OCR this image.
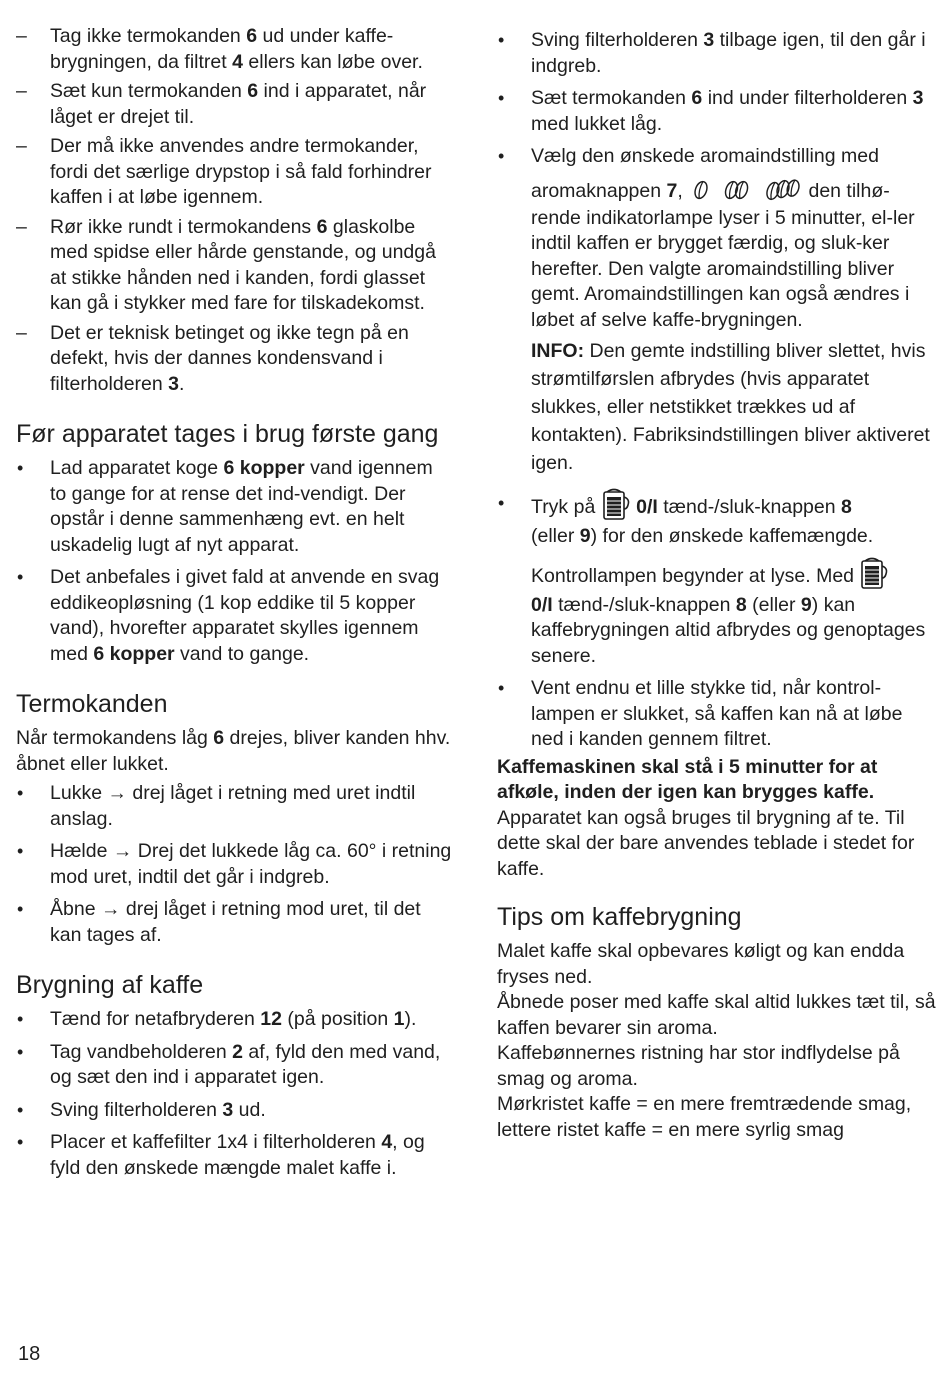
– Tag ikke termokanden 6 ud under kaffe-brygningen, da filtret 4 ellers kan løbe over.
– Sæt kun termokanden 6 ind i apparatet, når låget er drejet til.
– Der må ikke anvendes andre termokander, fordi det særlige drypstop i så fald forhindrer kaffen i at løbe igennem.
– Rør ikke rundt i termokandens 6 glaskolbe med spidse eller hårde genstande, og undgå at stikke hånden ned i kanden, fordi glasset kan gå i stykker med fare for tilskadekomst.
– Det er teknisk betinget og ikke tegn på en defekt, hvis der dannes kondensvand i filterholderen 3.
Før apparatet tages i brug første gang
• Lad apparatet koge 6 kopper vand igennem to gange for at rense det ind-vendigt. Der opstår i denne sammenhæng evt. en helt uskadelig lugt af nyt apparat.
• Det anbefales i givet fald at anvende en svag eddikeopløsning (1 kop eddike til 5 kopper vand), hvorefter apparatet skylles igennem med 6 kopper vand to gange.
Termokanden

Når termokandens låg 6 drejes, bliver kanden hhv. åbnet eller lukket.

• Lukke → drej låget i retning med uret indtil anslag.
• Hælde → Drej det lukkede låg ca. 60° i retning mod uret, indtil det går i indgreb.
• Åbne → drej låget i retning mod uret, til det kan tages af.
Brygning af kaffe
• Tænd for netafbryderen 12 (på position 1).
• Tag vandbeholderen 2 af, fyld den med vand, og sæt den ind i apparatet igen.
• Sving filterholderen 3 ud.
• Placer et kaffefilter 1x4 i filterholderen 4, og fyld den ønskede mængde malet kaffe i.
• Sving filterholderen 3 tilbage igen, til den går i indgreb.
• Sæt termokanden 6 ind under filterholderen 3 med lukket låg.
• Vælg den ønskede aromaindstilling med
aromaknappen 7,	den tilhø-
rende indikatorlampe lyser i 5 minutter, el-ler indtil kaffen er brygget færdig, og sluk-ker herefter. Den valgte aromaindstilling bliver gemt. Aromaindstillingen kan også ændres i løbet af selve kaffe-brygningen.
INFO: Den gemte indstilling bliver slettet, hvis strømtilførslen afbrydes (hvis apparatet slukkes, eller netstikket trækkes ud af kontakten). Fabriksindstillingen bliver aktiveret igen.
• Tryk på  0/I tænd-/sluk-knappen 8
(eller 9) for den ønskede kaffemængde.
Kontrollampen begynder at lyse. Med
0/I tænd-/sluk-knappen 8 (eller 9) kan kaffebrygningen altid afbrydes og genoptages senere.
• Vent endnu et lille stykke tid, når kontrol-lampen er slukket, så kaffen kan nå at løbe ned i kanden gennem filtret.

Kaffemaskinen skal stå i 5 minutter for at afkøle, inden der igen kan brygges kaffe.

Apparatet kan også bruges til brygning af te. Til dette skal der bare anvendes teblade i stedet for kaffe.

Tips om kaffebrygning

Malet kaffe skal opbevares køligt og kan endda fryses ned.

Åbnede poser med kaffe skal altid lukkes tæt til, så kaffen bevarer sin aroma.

Kaffebønnernes ristning har stor indflydelse på smag og aroma.

Mørkristet kaffe = en mere fremtrædende smag,

lettere ristet kaffe = en mere syrlig smag

18
